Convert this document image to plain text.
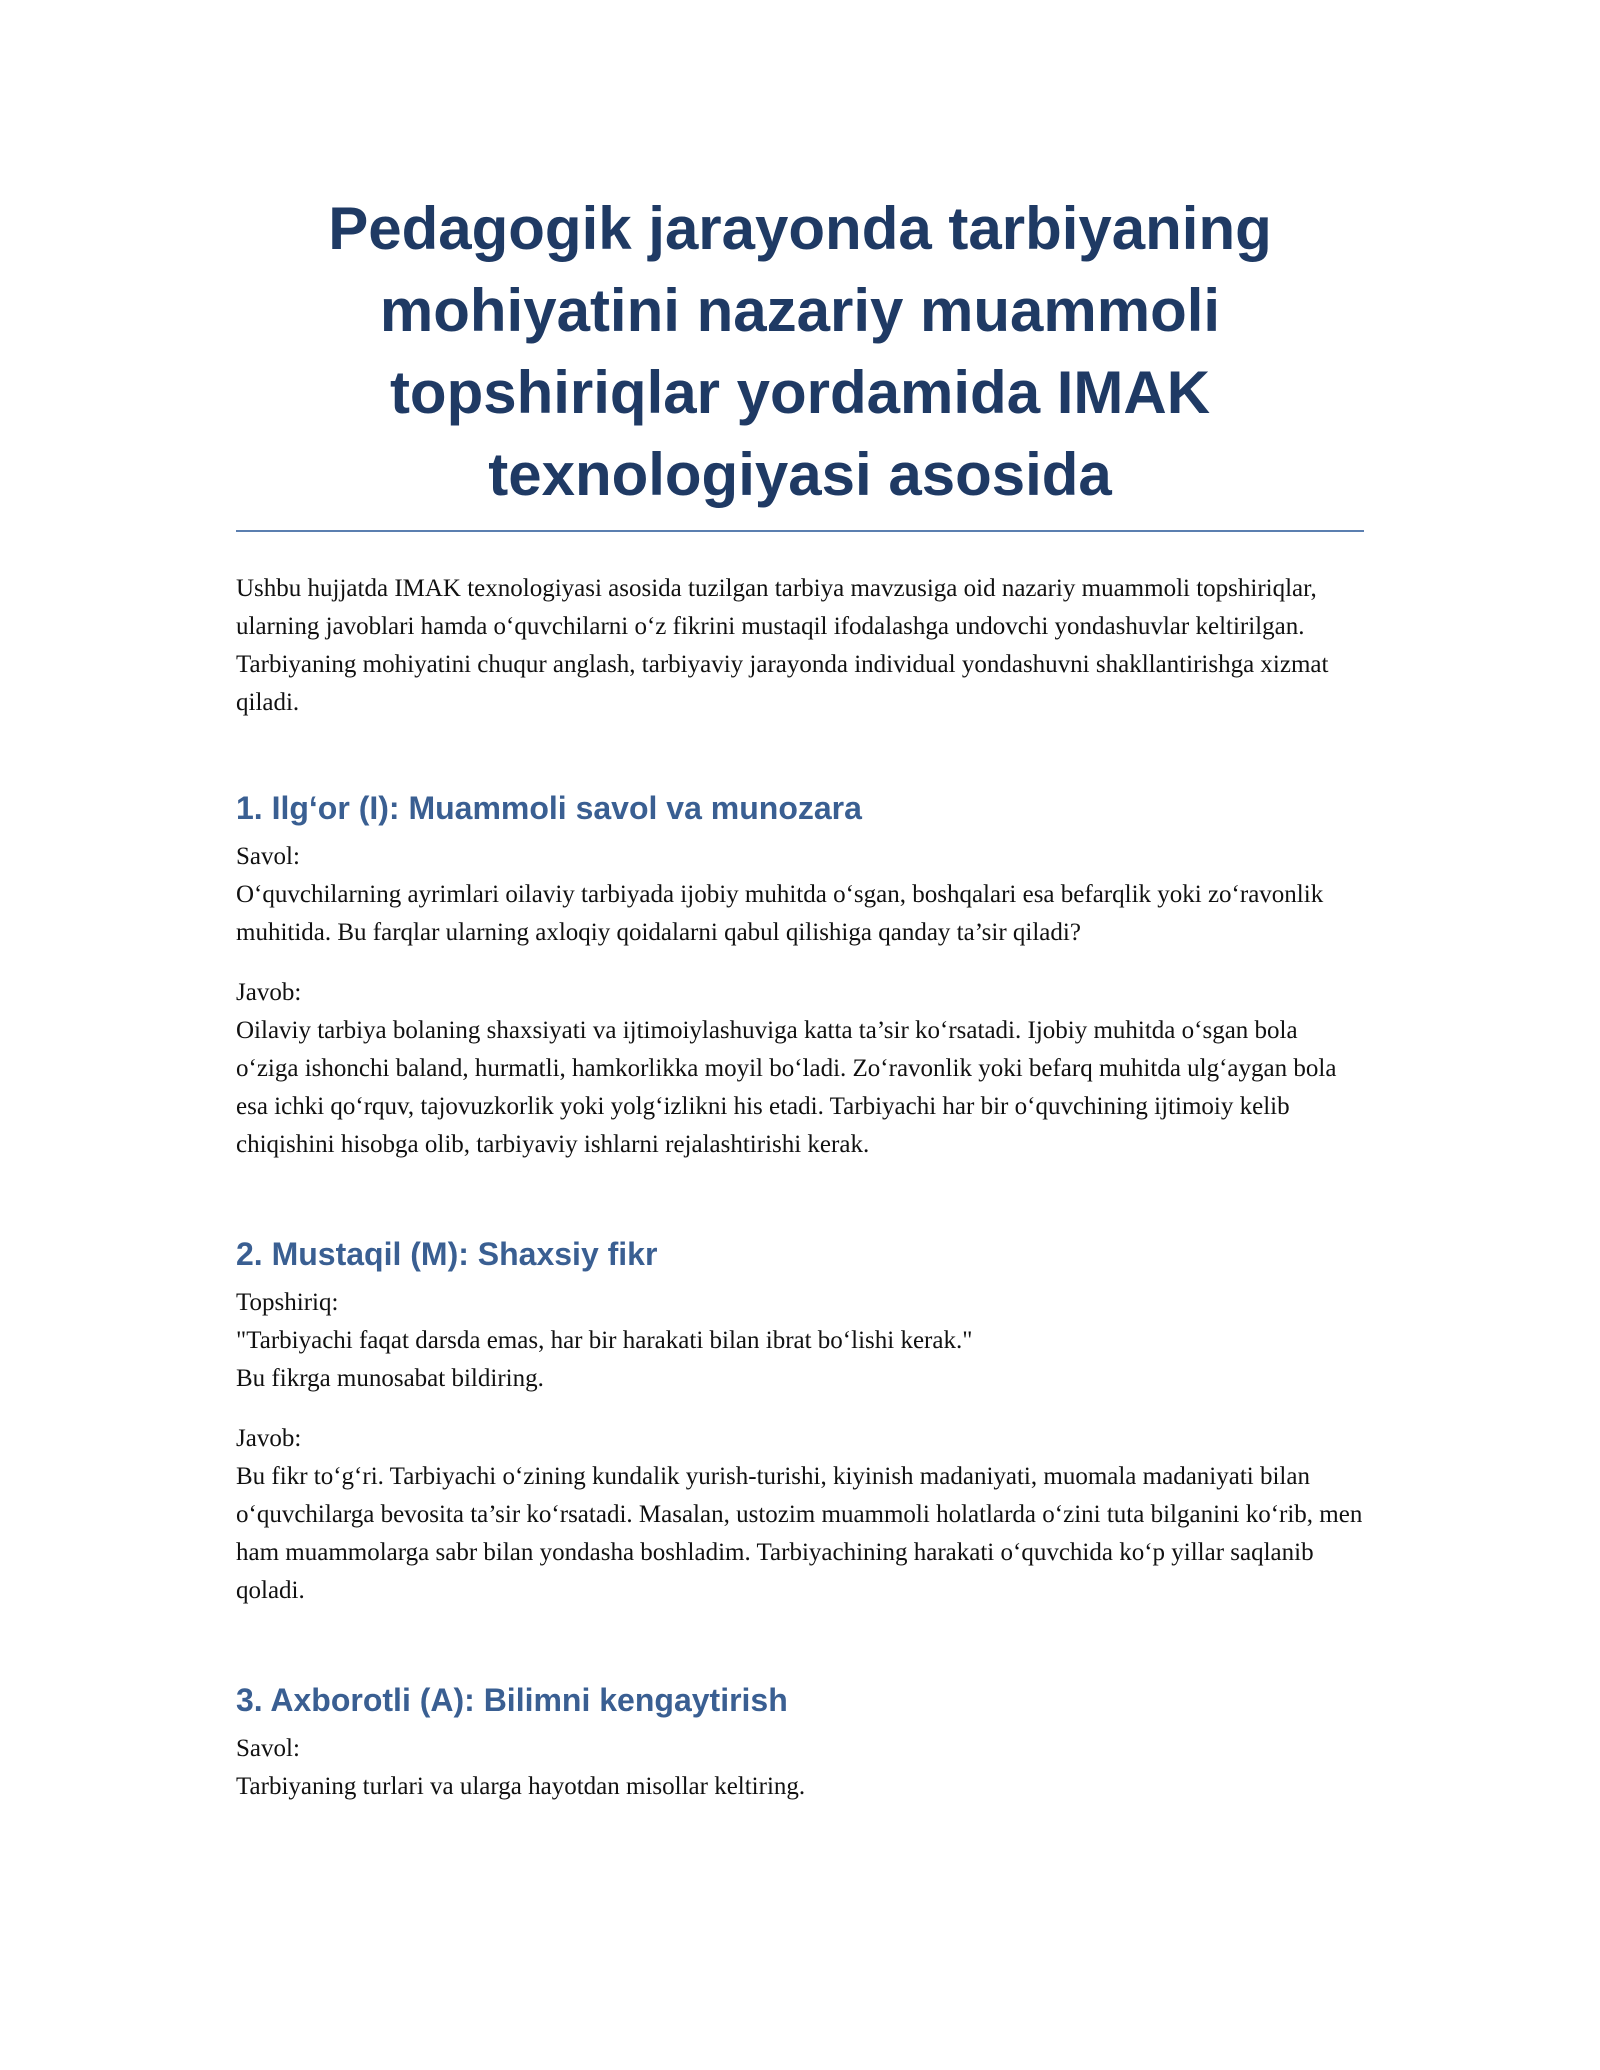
Pedagogik jarayonda tarbiyaning mohiyatini nazariy muammoli topshiriqlar yordamida IMAK texnologiyasi asosida

Ushbu hujjatda IMAK texnologiyasi asosida tuzilgan tarbiya mavzusiga oid nazariy muammoli topshiriqlar, ularning javoblari hamda o‘quvchilarni o‘z fikrini mustaqil ifodalashga undovchi yondashuvlar keltirilgan. Tarbiyaning mohiyatini chuqur anglash, tarbiyaviy jarayonda individual yondashuvni shakllantirishga xizmat qiladi.

1. Ilg‘or (I): Muammoli savol va munozara

Savol:

O‘quvchilarning ayrimlari oilaviy tarbiyada ijobiy muhitda o‘sgan, boshqalari esa befarqlik yoki zo‘ravonlik muhitida. Bu farqlar ularning axloqiy qoidalarni qabul qilishiga qanday ta’sir qiladi?

Javob:

Oilaviy tarbiya bolaning shaxsiyati va ijtimoiylashuviga katta ta’sir ko‘rsatadi. Ijobiy muhitda o‘sgan bola o‘ziga ishonchi baland, hurmatli, hamkorlikka moyil bo‘ladi. Zo‘ravonlik yoki befarq muhitda ulg‘aygan bola esa ichki qo‘rquv, tajovuzkorlik yoki yolg‘izlikni his etadi. Tarbiyachi har bir o‘quvchining ijtimoiy kelib chiqishini hisobga olib, tarbiyaviy ishlarni rejalashtirishi kerak.

2. Mustaqil (M): Shaxsiy fikr

Topshiriq:

"Tarbiyachi faqat darsda emas, har bir harakati bilan ibrat bo‘lishi kerak."

Bu fikrga munosabat bildiring.

Javob:

Bu fikr to‘g‘ri. Tarbiyachi o‘zining kundalik yurish-turishi, kiyinish madaniyati, muomala madaniyati bilan o‘quvchilarga bevosita ta’sir ko‘rsatadi. Masalan, ustozim muammoli holatlarda o‘zini tuta bilganini ko‘rib, men ham muammolarga sabr bilan yondasha boshladim. Tarbiyachining harakati o‘quvchida ko‘p yillar saqlanib qoladi.

3. Axborotli (A): Bilimni kengaytirish

Savol:

Tarbiyaning turlari va ularga hayotdan misollar keltiring.
